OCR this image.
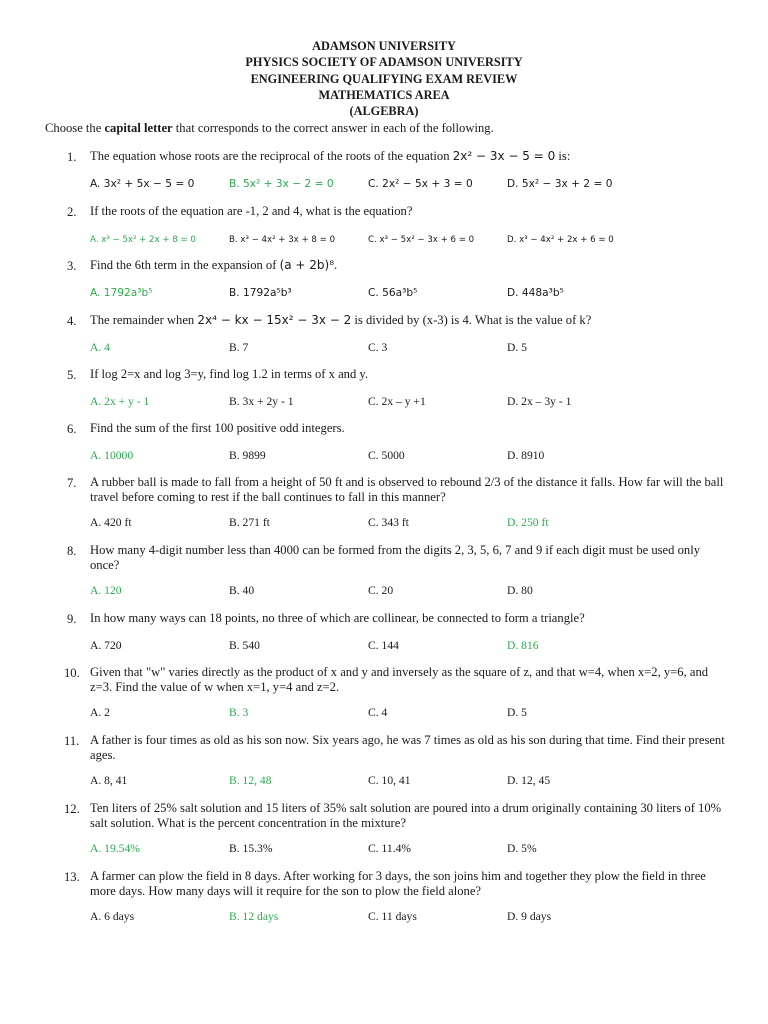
ADAMSON UNIVERSITY
PHYSICS SOCIETY OF ADAMSON UNIVERSITY
ENGINEERING QUALIFYING EXAM REVIEW
MATHEMATICS AREA
(ALGEBRA)
Choose the capital letter that corresponds to the correct answer in each of the following.
1. The equation whose roots are the reciprocal of the roots of the equation 2x² − 3x − 5 = 0 is:
A. 3x² + 5x − 5 = 0	B. 5x² + 3x − 2 = 0	C. 2x² − 5x + 3 = 0	D. 5x² − 3x + 2 = 0
2. If the roots of the equation are -1, 2 and 4, what is the equation?
A. x³ − 5x² + 2x + 8 = 0	B. x³ − 4x² + 3x + 8 = 0	C. x³ − 5x² − 3x + 6 = 0	D. x³ − 4x² + 2x + 6 = 0
3. Find the 6th term in the expansion of (a + 2b)⁸.
A. 1792a³b⁵	B. 1792a⁵b³	C. 56a³b⁵	D. 448a³b⁵
4. The remainder when 2x⁴ − kx − 15x² − 3x − 2 is divided by (x-3) is 4. What is the value of k?
A. 4	B. 7	C. 3	D. 5
5. If log 2=x and log 3=y, find log 1.2 in terms of x and y.
A. 2x + y - 1	B. 3x + 2y - 1	C. 2x – y +1	D. 2x – 3y - 1
6. Find the sum of the first 100 positive odd integers.
A. 10000	B. 9899	C. 5000	D. 8910
7. A rubber ball is made to fall from a height of 50 ft and is observed to rebound 2/3 of the distance it falls. How far will the ball travel before coming to rest if the ball continues to fall in this manner?
A. 420 ft	B. 271 ft	C. 343 ft	D. 250 ft
8. How many 4-digit number less than 4000 can be formed from the digits 2, 3, 5, 6, 7 and 9 if each digit must be used only once?
A. 120	B. 40	C. 20	D. 80
9. In how many ways can 18 points, no three of which are collinear, be connected to form a triangle?
A. 720	B. 540	C. 144	D. 816
10. Given that "w" varies directly as the product of x and y and inversely as the square of z, and that w=4, when x=2, y=6, and z=3. Find the value of w when x=1, y=4 and z=2.
A. 2	B. 3	C. 4	D. 5
11. A father is four times as old as his son now. Six years ago, he was 7 times as old as his son during that time. Find their present ages.
A. 8, 41	B. 12, 48	C. 10, 41	D. 12, 45
12. Ten liters of 25% salt solution and 15 liters of 35% salt solution are poured into a drum originally containing 30 liters of 10% salt solution. What is the percent concentration in the mixture?
A. 19.54%	B. 15.3%	C. 11.4%	D. 5%
13. A farmer can plow the field in 8 days. After working for 3 days, the son joins him and together they plow the field in three more days. How many days will it require for the son to plow the field alone?
A. 6 days	B. 12 days	C. 11 days	D. 9 days
